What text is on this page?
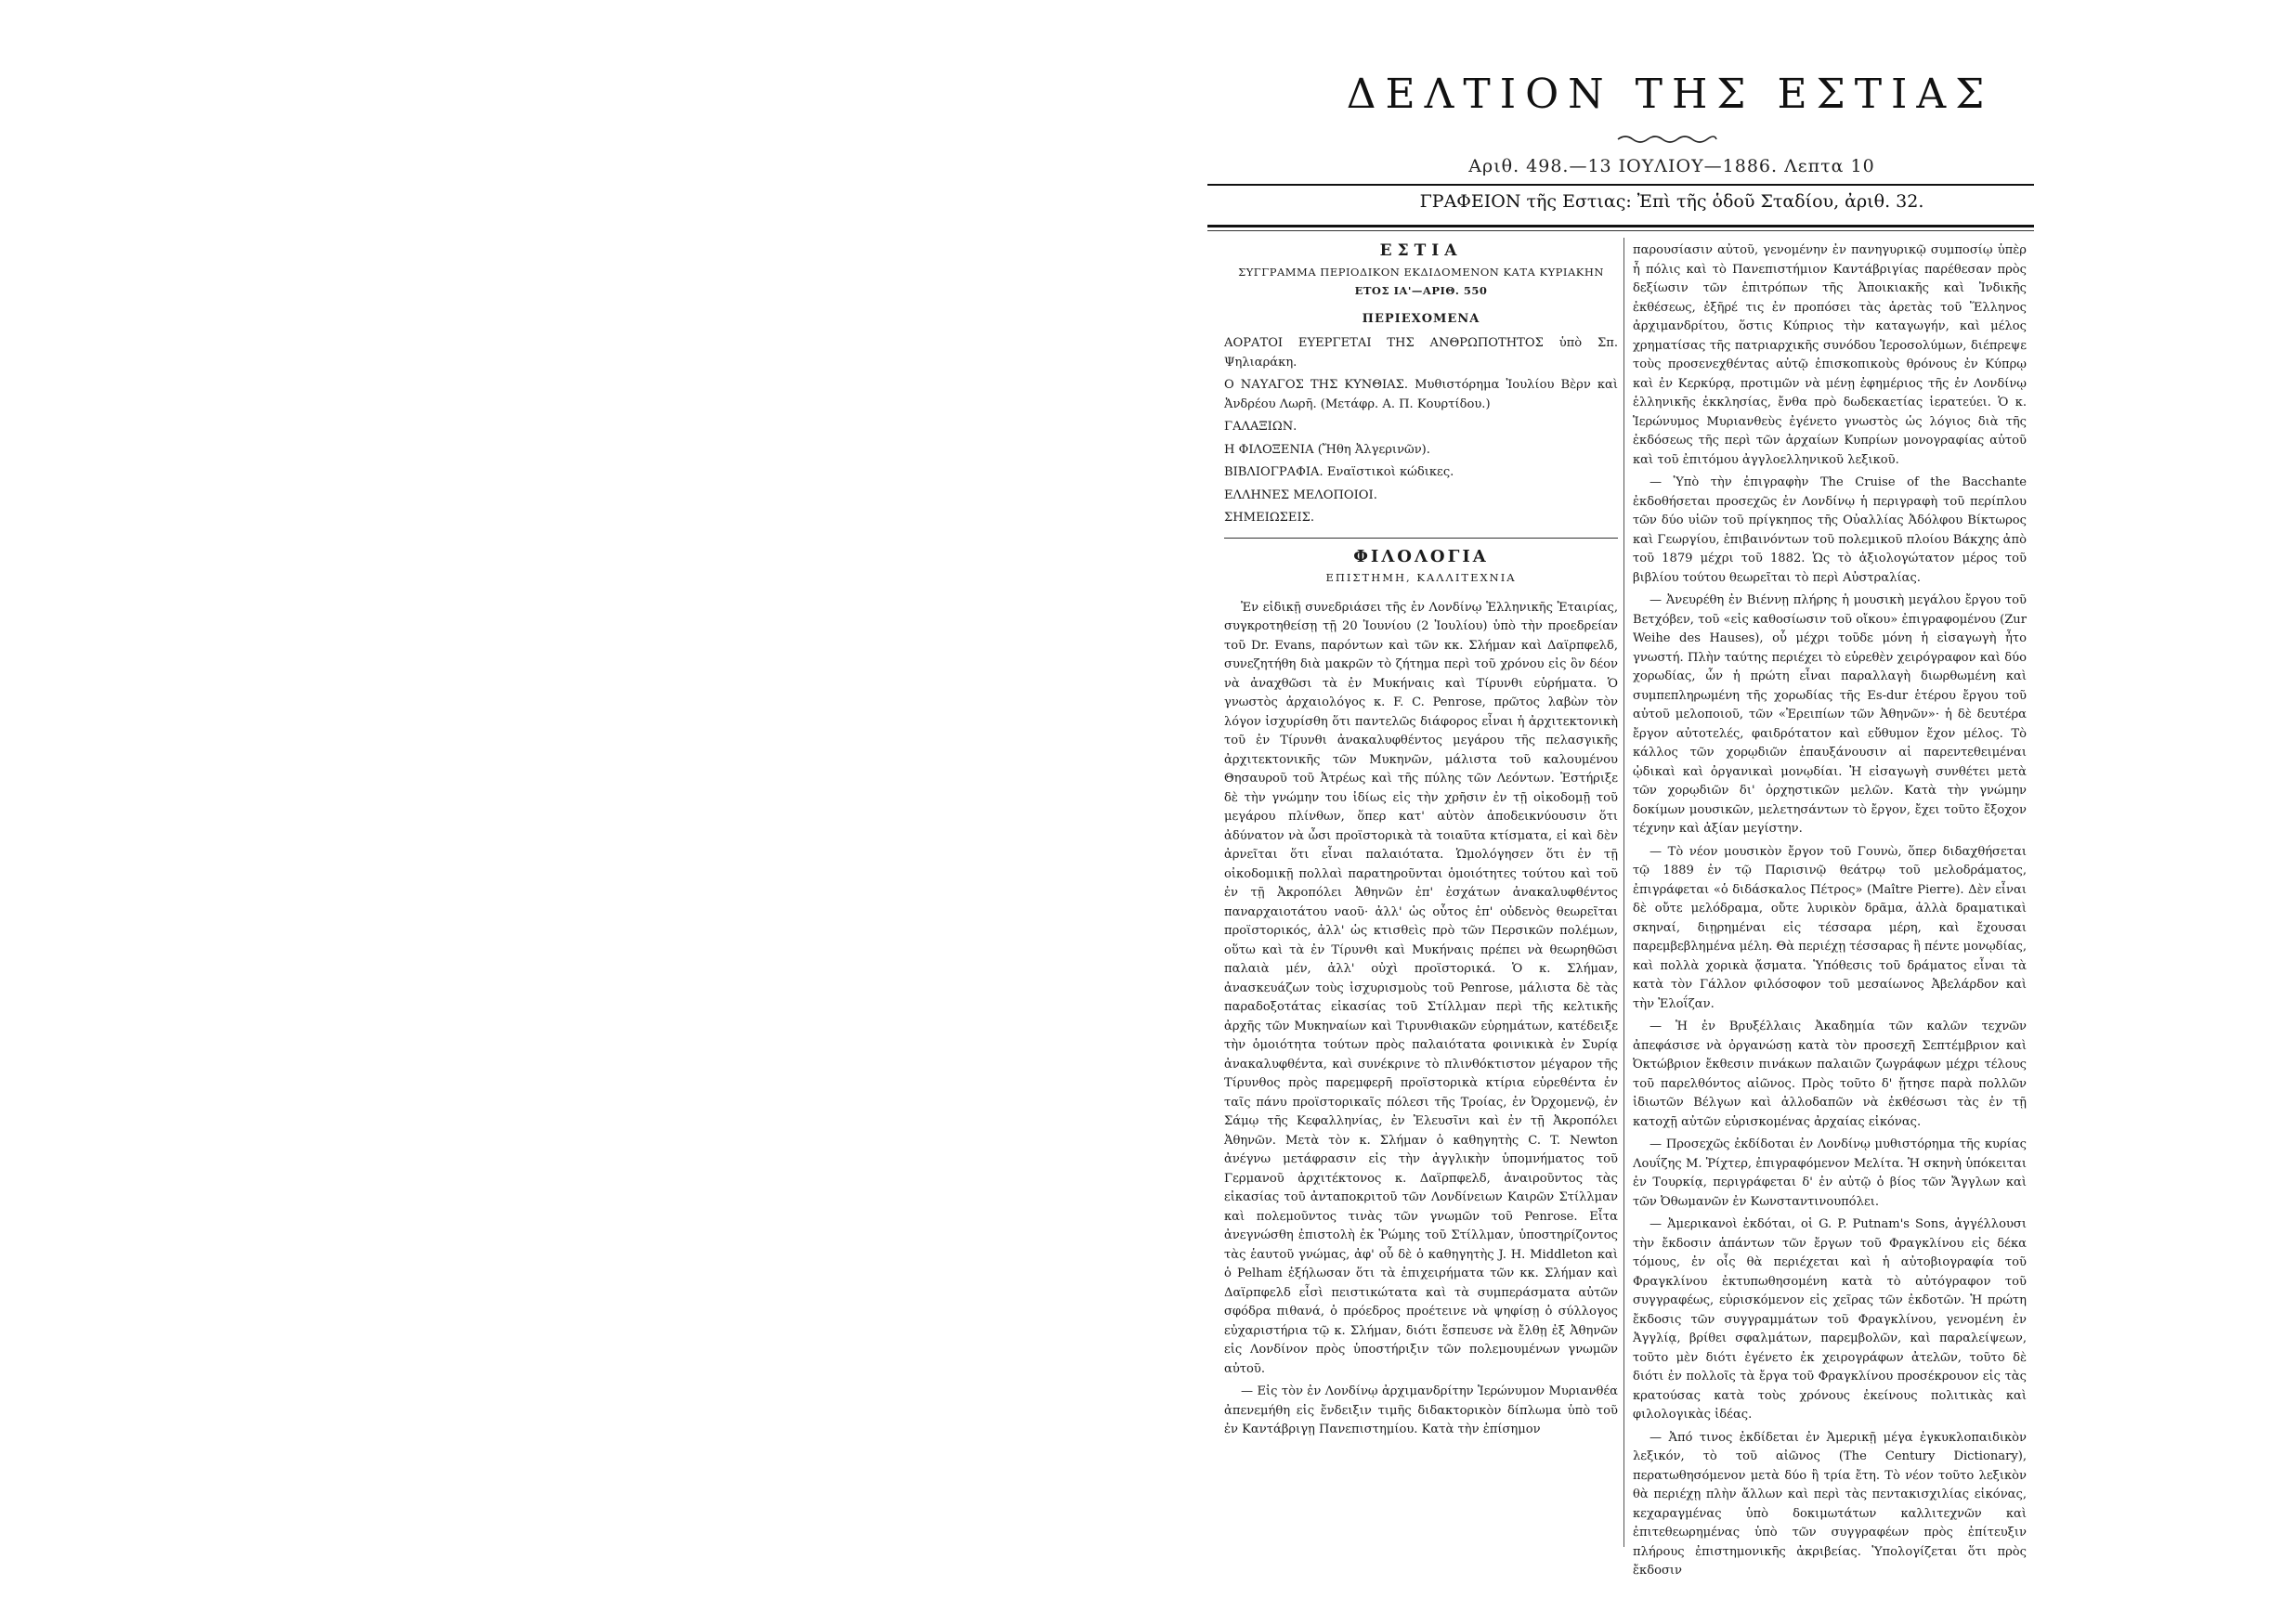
ΔΕΛΤΙΟΝ ΤΗΣ ΕΣΤΙΑΣ
Αριθ. 498.—13 ΙΟΥΛΙΟΥ—1886. Λεπτα 10
ΓΡΑΦΕΙΟΝ τῆς Εστιας: Ἐπὶ τῆς ὁδοῦ Σταδίου, ἀριθ. 32.
ΕΣΤΙΑ
ΣΥΓΓΡΑΜΜΑ ΠΕΡΙΟΔΙΚΟΝ ΕΚΔΙΔΟΜΕΝΟΝ ΚΑΤΑ ΚΥΡΙΑΚΗΝ
ΕΤΟΣ ΙΑ'—ΑΡΙΘ. 550
ΠΕΡΙΕΧΟΜΕΝΑ
ΑΟΡΑΤΟΙ ΕΥΕΡΓΕΤΑΙ ΤΗΣ ΑΝΘΡΩΠΟΤΗΤΟΣ ὑπὸ Σπ. Ψηλιαράκη.
Ο ΝΑΥΑΓΟΣ ΤΗΣ ΚΥΝΘΙΑΣ. Μυθιστόρημα Ἰουλίου Βὲρν καὶ Ἀνδρέου Λωρῆ. (Μετάφρ. Α. Π. Κουρτίδου.)
ΓΑΛΑΞΙΩΝ.
Η ΦΙΛΟΞΕΝΙΑ (Ἤθη Ἀλγερινῶν).
ΒΙΒΛΙΟΓΡΑΦΙΑ. Εναϊστικοὶ κώδικες.
ΕΛΛΗΝΕΣ ΜΕΛΟΠΟΙΟΙ.
ΣΗΜΕΙΩΣΕΙΣ.
ΦΙΛΟΛΟΓΙΑ
ΕΠΙΣΤΗΜΗ, ΚΑΛΛΙΤΕΧΝΙΑ

Ἐν εἰδικῇ συνεδριάσει τῆς ἐν Λονδίνῳ Ἑλληνικῆς Ἑταιρίας, συγκροτηθείσῃ τῇ 20 Ἰουνίου (2 Ἰουλίου) ὑπὸ τὴν προεδρείαν τοῦ Dr. Evans, παρόντων καὶ τῶν κκ. Σλήμαν καὶ Δαϊρπφελδ, συνεζητήθη διὰ μακρῶν τὸ ζήτημα περὶ τοῦ χρόνου εἰς ὃν δέον νὰ ἀναχθῶσι τὰ ἐν Μυκήναις καὶ Τίρυνθι εὑρήματα. Ὁ γνωστὸς ἀρχαιολόγος κ. F. C. Penrose, πρῶτος λαβὼν τὸν λόγον ἰσχυρίσθη ὅτι παντελῶς διάφορος εἶναι ἡ ἀρχιτεκτονικὴ τοῦ ἐν Τίρυνθι ἀνακαλυφθέντος μεγάρου τῆς πελασγικῆς ἀρχιτεκτονικῆς τῶν Μυκηνῶν, μάλιστα τοῦ καλουμένου Θησαυροῦ τοῦ Ἀτρέως καὶ τῆς πύλης τῶν Λεόντων. Ἐστήριξε δὲ τὴν γνώμην του ἰδίως εἰς τὴν χρῆσιν ἐν τῇ οἰκοδομῇ τοῦ μεγάρου πλίνθων, ὅπερ κατ' αὐτὸν ἀποδεικνύουσιν ὅτι ἀδύνατον νὰ ὦσι προϊστορικὰ τὰ τοιαῦτα κτίσματα, εἰ καὶ δὲν ἀρνεῖται ὅτι εἶναι παλαιότατα. Ὡμολόγησεν ὅτι ἐν τῇ οἰκοδομικῇ πολλαὶ παρατηροῦνται ὁμοιότητες τούτου καὶ τοῦ ἐν τῇ Ἀκροπόλει Ἀθηνῶν ἐπ' ἐσχάτων ἀνακαλυφθέντος παναρχαιοτάτου ναοῦ· ἀλλ' ὡς οὗτος ἐπ' οὐδενὸς θεωρεῖται προϊστορικός, ἀλλ' ὡς κτισθεὶς πρὸ τῶν Περσικῶν πολέμων, οὕτω καὶ τὰ ἐν Τίρυνθι καὶ Μυκήναις πρέπει νὰ θεωρηθῶσι παλαιὰ μέν, ἀλλ' οὐχὶ προϊστορικά. Ὁ κ. Σλήμαν, ἀνασκευάζων τοὺς ἰσχυρισμοὺς τοῦ Penrose, μάλιστα δὲ τὰς παραδοξοτάτας εἰκασίας τοῦ Στίλλμαν περὶ τῆς κελτικῆς ἀρχῆς τῶν Μυκηναίων καὶ Τιρυνθιακῶν εὑρημάτων, κατέδειξε τὴν ὁμοιότητα τούτων πρὸς παλαιότατα φοινικικὰ ἐν Συρίᾳ ἀνακαλυφθέντα, καὶ συνέκρινε τὸ πλινθόκτιστον μέγαρον τῆς Τίρυνθος πρὸς παρεμφερῆ προϊστορικὰ κτίρια εὑρεθέντα ἐν ταῖς πάνυ προϊστορικαῖς πόλεσι τῆς Τροίας, ἐν Ὀρχομενῷ, ἐν Σάμῳ τῆς Κεφαλληνίας, ἐν Ἐλευσῖνι καὶ ἐν τῇ Ἀκροπόλει Ἀθηνῶν. Μετὰ τὸν κ. Σλήμαν ὁ καθηγητὴς C. T. Newton ἀνέγνω μετάφρασιν εἰς τὴν ἀγγλικὴν ὑπομνήματος τοῦ Γερμανοῦ ἀρχιτέκτονος κ. Δαϊρπφελδ, ἀναιροῦντος τὰς εἰκασίας τοῦ ἀνταποκριτοῦ τῶν Λονδίνειων Καιρῶν Στίλλμαν καὶ πολεμοῦντος τινὰς τῶν γνωμῶν τοῦ Penrose. Εἶτα ἀνεγνώσθη ἐπιστολὴ ἐκ Ῥώμης τοῦ Στίλλμαν, ὑποστηρίζοντος τὰς ἑαυτοῦ γνώμας, ἀφ' οὗ δὲ ὁ καθηγητὴς J. H. Middleton καὶ ὁ Pelham ἐξήλωσαν ὅτι τὰ ἐπιχειρήματα τῶν κκ. Σλήμαν καὶ Δαϊρπφελδ εἶσὶ πειστικώτατα καὶ τὰ συμπεράσματα αὐτῶν σφόδρα πιθανά, ὁ πρόεδρος προέτεινε νὰ ψηφίσῃ ὁ σύλλογος εὐχαριστήρια τῷ κ. Σλήμαν, διότι ἔσπευσε νὰ ἔλθῃ ἐξ Ἀθηνῶν εἰς Λονδίνον πρὸς ὑποστήριξιν τῶν πολεμουμένων γνωμῶν αὐτοῦ.

— Εἰς τὸν ἐν Λονδίνῳ ἀρχιμανδρίτην Ἱερώνυμον Μυριανθέα ἀπενεμήθη εἰς ἔνδειξιν τιμῆς διδακτορικὸν δίπλωμα ὑπὸ τοῦ ἐν Καντάβριγῃ Πανεπιστημίου. Κατὰ τὴν ἐπίσημον

παρουσίασιν αὐτοῦ, γενομένην ἐν πανηγυρικῷ συμποσίῳ ὑπὲρ ἧ πόλις καὶ τὸ Πανεπιστήμιον Καντάβριγίας παρέθεσαν πρὸς δεξίωσιν τῶν ἐπιτρόπων τῆς Ἀποικιακῆς καὶ Ἰνδικῆς ἐκθέσεως, ἐξῆρέ τις ἐν προπόσει τὰς ἀρετὰς τοῦ Ἕλληνος ἀρχιμανδρίτου, ὅστις Κύπριος τὴν καταγωγήν, καὶ μέλος χρηματίσας τῆς πατριαρχικῆς συνόδου Ἱεροσολύμων, διέπρεψε τοὺς προσενεχθέντας αὐτῷ ἐπισκοπικοὺς θρόνους ἐν Κύπρῳ καὶ ἐν Κερκύρᾳ, προτιμῶν νὰ μένῃ ἐφημέριος τῆς ἐν Λονδίνῳ ἑλληνικῆς ἐκκλησίας, ἔνθα πρὸ δωδεκαετίας ἱερατεύει. Ὁ κ. Ἱερώνυμος Μυριανθεὺς ἐγένετο γνωστὸς ὡς λόγιος διὰ τῆς ἐκδόσεως τῆς περὶ τῶν ἀρχαίων Κυπρίων μονογραφίας αὐτοῦ καὶ τοῦ ἐπιτόμου ἀγγλοελληνικοῦ λεξικοῦ.

— Ὑπὸ τὴν ἐπιγραφὴν The Cruise of the Bacchante ἐκδοθήσεται προσεχῶς ἐν Λονδίνῳ ἡ περιγραφὴ τοῦ περίπλου τῶν δύο υἱῶν τοῦ πρίγκηπος τῆς Οὐαλλίας Ἀδόλφου Βίκτωρος καὶ Γεωργίου, ἐπιβαινόντων τοῦ πολεμικοῦ πλοίου Βάκχης ἀπὸ τοῦ 1879 μέχρι τοῦ 1882. Ὡς τὸ ἀξιολογώτατον μέρος τοῦ βιβλίου τούτου θεωρεῖται τὸ περὶ Αὐστραλίας.

— Ἀνευρέθη ἐν Βιέννῃ πλήρης ἡ μουσικὴ μεγάλου ἔργου τοῦ Βετχόβεν, τοῦ «εἰς καθοσίωσιν τοῦ οἴκου» ἐπιγραφομένου (Zur Weihe des Hauses), οὗ μέχρι τοῦδε μόνη ἡ εἰσαγωγὴ ἦτο γνωστή. Πλὴν ταύτης περιέχει τὸ εὑρεθὲν χειρόγραφον καὶ δύο χορωδίας, ὧν ἡ πρώτη εἶναι παραλλαγὴ διωρθωμένη καὶ συμπεπληρωμένη τῆς χορωδίας τῆς Es-dur ἑτέρου ἔργου τοῦ αὐτοῦ μελοποιοῦ, τῶν «Ἐρειπίων τῶν Ἀθηνῶν»· ἡ δὲ δευτέρα ἔργον αὐτοτελές, φαιδρότατον καὶ εὔθυμον ἔχον μέλος. Τὸ κάλλος τῶν χορῳδιῶν ἐπαυξάνουσιν αἱ παρεντεθειμέναι ᾠδικαὶ καὶ ὀργανικαὶ μονῳδίαι. Ἡ εἰσαγωγὴ συνθέτει μετὰ τῶν χορῳδιῶν δι' ὀρχηστικῶν μελῶν. Κατὰ τὴν γνώμην δοκίμων μουσικῶν, μελετησάντων τὸ ἔργον, ἔχει τοῦτο ἔξοχον τέχνην καὶ ἀξίαν μεγίστην.

— Τὸ νέον μουσικὸν ἔργον τοῦ Γουνὼ, ὅπερ διδαχθήσεται τῷ 1889 ἐν τῷ Παρισινῷ θεάτρῳ τοῦ μελοδράματος, ἐπιγράφεται «ὁ διδάσκαλος Πέτρος» (Maître Pierre). Δὲν εἶναι δὲ οὔτε μελόδραμα, οὔτε λυρικὸν δρᾶμα, ἀλλὰ δραματικαὶ σκηναί, διῃρημέναι εἰς τέσσαρα μέρη, καὶ ἔχουσαι παρεμβεβλημένα μέλη. Θὰ περιέχῃ τέσσαρας ἢ πέντε μονῳδίας, καὶ πολλὰ χορικὰ ᾄσματα. Ὑπόθεσις τοῦ δράματος εἶναι τὰ κατὰ τὸν Γάλλον φιλόσοφον τοῦ μεσαίωνος Ἀβελάρδον καὶ τὴν Ἐλοΐζαν.

— Ἡ ἐν Βρυξέλλαις Ἀκαδημία τῶν καλῶν τεχνῶν ἀπεφάσισε νὰ ὀργανώσῃ κατὰ τὸν προσεχῆ Σεπτέμβριον καὶ Ὀκτώβριον ἔκθεσιν πινάκων παλαιῶν ζωγράφων μέχρι τέλους τοῦ παρελθόντος αἰῶνος. Πρὸς τοῦτο δ' ᾔτησε παρὰ πολλῶν ἰδιωτῶν Βέλγων καὶ ἀλλοδαπῶν νὰ ἐκθέσωσι τὰς ἐν τῇ κατοχῇ αὐτῶν εὑρισκομένας ἀρχαίας εἰκόνας.

— Προσεχῶς ἐκδίδοται ἐν Λονδίνῳ μυθιστόρημα τῆς κυρίας Λουΐζης Μ. Ῥίχτερ, ἐπιγραφόμενον Μελίτα. Ἡ σκηνὴ ὑπόκειται ἐν Τουρκίᾳ, περιγράφεται δ' ἐν αὐτῷ ὁ βίος τῶν Ἄγγλων καὶ τῶν Ὀθωμανῶν ἐν Κωνσταντινουπόλει.

— Ἀμερικανοὶ ἐκδόται, οἱ G. P. Putnam's Sons, ἀγγέλλουσι τὴν ἔκδοσιν ἁπάντων τῶν ἔργων τοῦ Φραγκλίνου εἰς δέκα τόμους, ἐν οἷς θὰ περιέχεται καὶ ἡ αὐτοβιογραφία τοῦ Φραγκλίνου ἐκτυπωθησομένη κατὰ τὸ αὐτόγραφον τοῦ συγγραφέως, εὑρισκόμενον εἰς χεῖρας τῶν ἐκδοτῶν. Ἡ πρώτη ἔκδοσις τῶν συγγραμμάτων τοῦ Φραγκλίνου, γενομένη ἐν Ἀγγλίᾳ, βρίθει σφαλμάτων, παρεμβολῶν, καὶ παραλείψεων, τοῦτο μὲν διότι ἐγένετο ἐκ χειρογράφων ἀτελῶν, τοῦτο δὲ διότι ἐν πολλοῖς τὰ ἔργα τοῦ Φραγκλίνου προσέκρουον εἰς τὰς κρατούσας κατὰ τοὺς χρόνους ἐκείνους πολιτικὰς καὶ φιλολογικὰς ἰδέας.

— Ἀπό τινος ἐκδίδεται ἐν Ἀμερικῇ μέγα ἐγκυκλοπαιδικὸν λεξικόν, τὸ τοῦ αἰῶνος (The Century Dictionary), περατωθησόμενον μετὰ δύο ἢ τρία ἔτη. Τὸ νέον τοῦτο λεξικὸν θὰ περιέχῃ πλὴν ἄλλων καὶ περὶ τὰς πεντακισχιλίας εἰκόνας, κεχαραγμένας ὑπὸ δοκιμωτάτων καλλιτεχνῶν καὶ ἐπιτεθεωρημένας ὑπὸ τῶν συγγραφέων πρὸς ἐπίτευξιν πλήρους ἐπιστημονικῆς ἀκριβείας. Ὑπολογίζεται ὅτι πρὸς ἔκδοσιν
